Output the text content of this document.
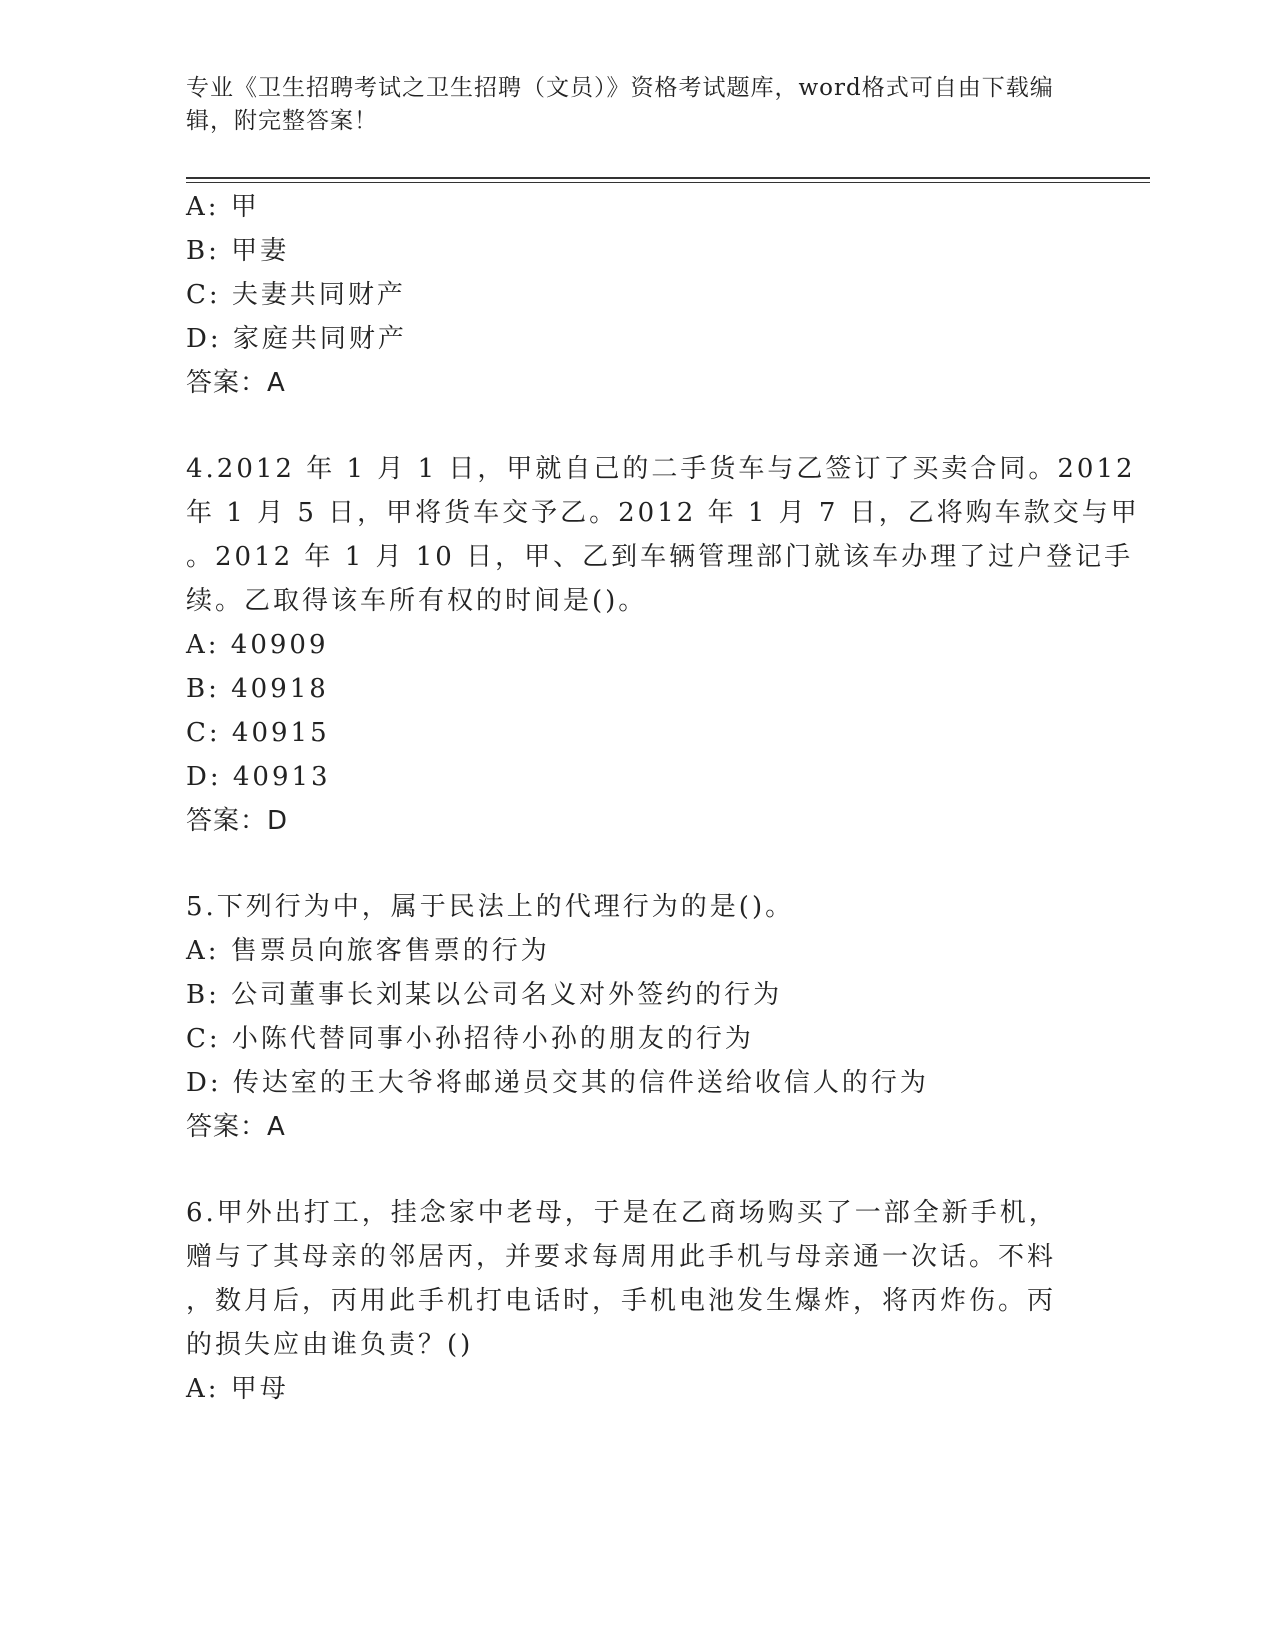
专业《卫生招聘考试之卫生招聘（文员）》资格考试题库，word格式可自由下载编辑，附完整答案！
A: 甲
B: 甲妻
C: 夫妻共同财产
D: 家庭共同财产
答案：A
4.2012 年 1 月 1 日，甲就自己的二手货车与乙签订了买卖合同。2012
年 1 月 5 日，甲将货车交予乙。2012 年 1 月 7 日，乙将购车款交与甲
。2012 年 1 月 10 日，甲、乙到车辆管理部门就该车办理了过户登记手
续。乙取得该车所有权的时间是()。
A: 40909
B: 40918
C: 40915
D: 40913
答案：D
5.下列行为中，属于民法上的代理行为的是()。
A: 售票员向旅客售票的行为
B: 公司董事长刘某以公司名义对外签约的行为
C: 小陈代替同事小孙招待小孙的朋友的行为
D: 传达室的王大爷将邮递员交其的信件送给收信人的行为
答案：A
6.甲外出打工，挂念家中老母，于是在乙商场购买了一部全新手机，
赠与了其母亲的邻居丙，并要求每周用此手机与母亲通一次话。不料
，数月后，丙用此手机打电话时，手机电池发生爆炸，将丙炸伤。丙
的损失应由谁负责？()
A: 甲母
